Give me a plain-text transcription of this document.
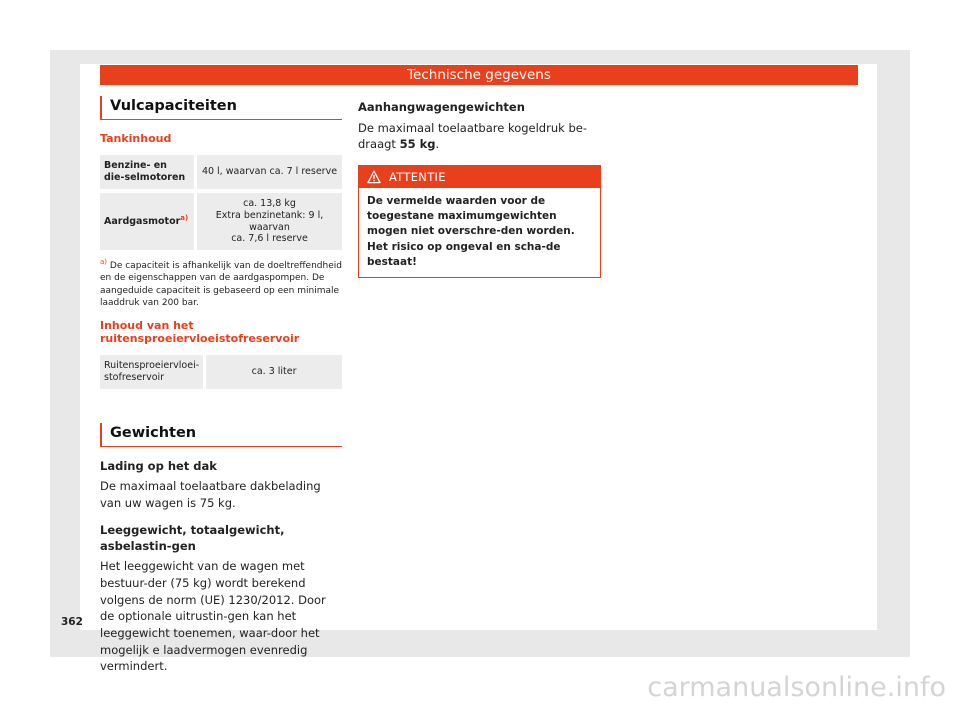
Technische gegevens
Vulcapaciteiten
Tankinhoud
Benzine- en die-selmotoren	40 l, waarvan ca. 7 l reserve
Aardgasmotor$^{a)}$	ca. 13,8 kg
Extra benzinetank: 9 l, waarvan
ca. 7,6 l reserve
$^{a)}$ De capaciteit is afhankelijk van de doeltreffendheid en de eigenschappen van de aardgaspompen. De aangeduide capaciteit is gebaseerd op een minimale laaddruk van 200 bar.
Inhoud van het ruitensproeiervloeistofreservoir
Ruitensproeiervloei-stofreservoir	ca. 3 liter
Gewichten
Lading op het dak
De maximaal toelaatbare dakbelading van uw wagen is 75 kg.
Leeggewicht, totaalgewicht, asbelastin-gen
Het leeggewicht van de wagen met bestuur-der (75 kg) wordt berekend volgens de norm (UE) 1230/2012. Door de optionale uitrustin-gen kan het leeggewicht toenemen, waar-door het mogelijk e laadvermogen evenredig vermindert.
Aanhangwagengewichten
De maximaal toelaatbare kogeldruk be-draagt 55 kg.
ATTENTIE
De vermelde waarden voor de toegestane maximumgewichten mogen niet overschre-den worden. Het risico op ongeval en scha-de bestaat!
362
carmanualsonline.info
